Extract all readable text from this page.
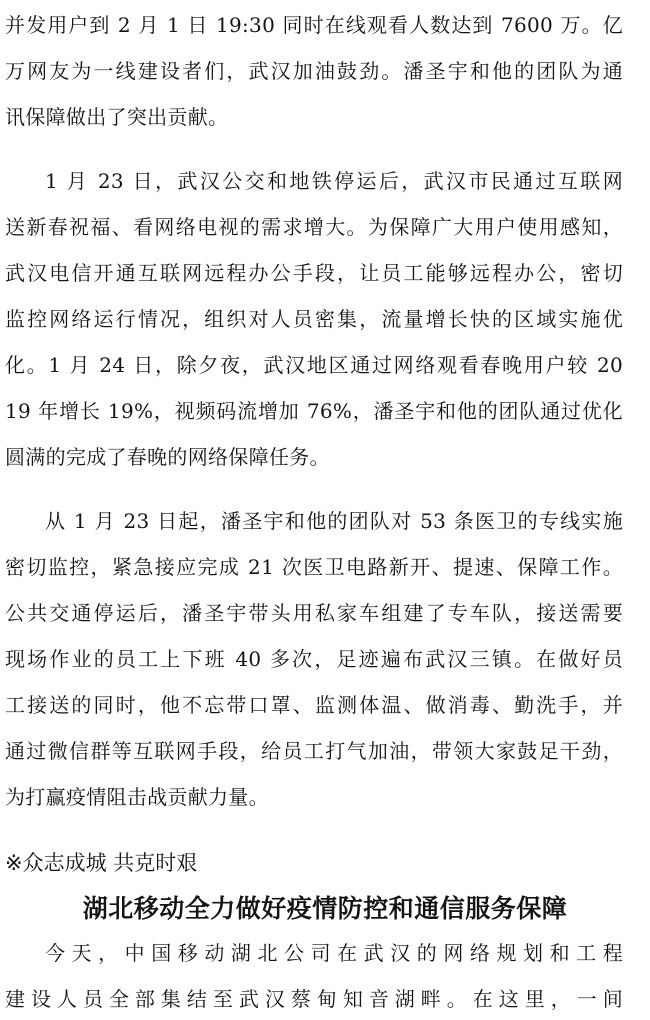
并发用户到 2 月 1 日 19:30 同时在线观看人数达到 7600 万。亿
万网友为一线建设者们，武汉加油鼓劲。潘圣宇和他的团队为通
讯保障做出了突出贡献。
1 月 23 日，武汉公交和地铁停运后，武汉市民通过互联网
送新春祝福、看网络电视的需求增大。为保障广大用户使用感知，
武汉电信开通互联网远程办公手段，让员工能够远程办公，密切
监控网络运行情况，组织对人员密集，流量增长快的区域实施优
化。1 月 24 日，除夕夜，武汉地区通过网络观看春晚用户较 20
19 年增长 19%，视频码流增加 76%，潘圣宇和他的团队通过优化
圆满的完成了春晚的网络保障任务。
从 1 月 23 日起，潘圣宇和他的团队对 53 条医卫的专线实施
密切监控，紧急接应完成 21 次医卫电路新开、提速、保障工作。
公共交通停运后，潘圣宇带头用私家车组建了专车队，接送需要
现场作业的员工上下班 40 多次，足迹遍布武汉三镇。在做好员
工接送的同时，他不忘带口罩、监测体温、做消毒、勤洗手，并
通过微信群等互联网手段，给员工打气加油，带领大家鼓足干劲，
为打赢疫情阻击战贡献力量。
※众志成城 共克时艰
湖北移动全力做好疫情防控和通信服务保障
今天，中国移动湖北公司在武汉的网络规划和工程
建设人员全部集结至武汉蔡甸知音湖畔。在这里，一间
